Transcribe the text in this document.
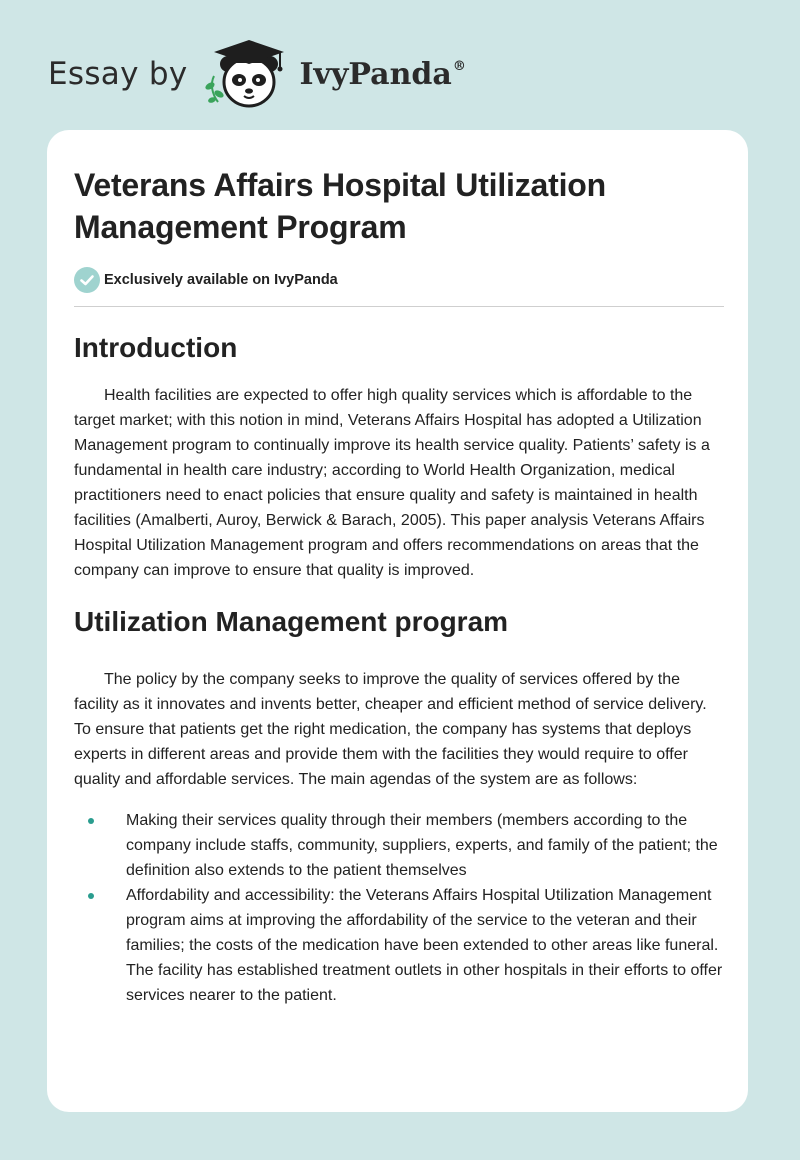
Essay by	IvyPanda®
Veterans Affairs Hospital Utilization Management Program
Exclusively available on IvyPanda
Introduction

Health facilities are expected to offer high quality services which is affordable to the target market; with this notion in mind, Veterans Affairs Hospital has adopted a Utilization Management program to continually improve its health service quality. Patients’ safety is a fundamental in health care industry; according to World Health Organization, medical practitioners need to enact policies that ensure quality and safety is maintained in health facilities (Amalberti, Auroy, Berwick & Barach, 2005). This paper analysis Veterans Affairs Hospital Utilization Management program and offers recommendations on areas that the company can improve to ensure that quality is improved.

Utilization Management program

The policy by the company seeks to improve the quality of services offered by the facility as it innovates and invents better, cheaper and efficient method of service delivery. To ensure that patients get the right medication, the company has systems that deploys experts in different areas and provide them with the facilities they would require to offer quality and affordable services. The main agendas of the system are as follows:

Making their services quality through their members (members according to the company include staffs, community, suppliers, experts, and family of the patient; the definition also extends to the patient themselves
Affordability and accessibility: the Veterans Affairs Hospital Utilization Management program aims at improving the affordability of the service to the veteran and their families; the costs of the medication have been extended to other areas like funeral. The facility has established treatment outlets in other hospitals in their efforts to offer services nearer to the patient.
